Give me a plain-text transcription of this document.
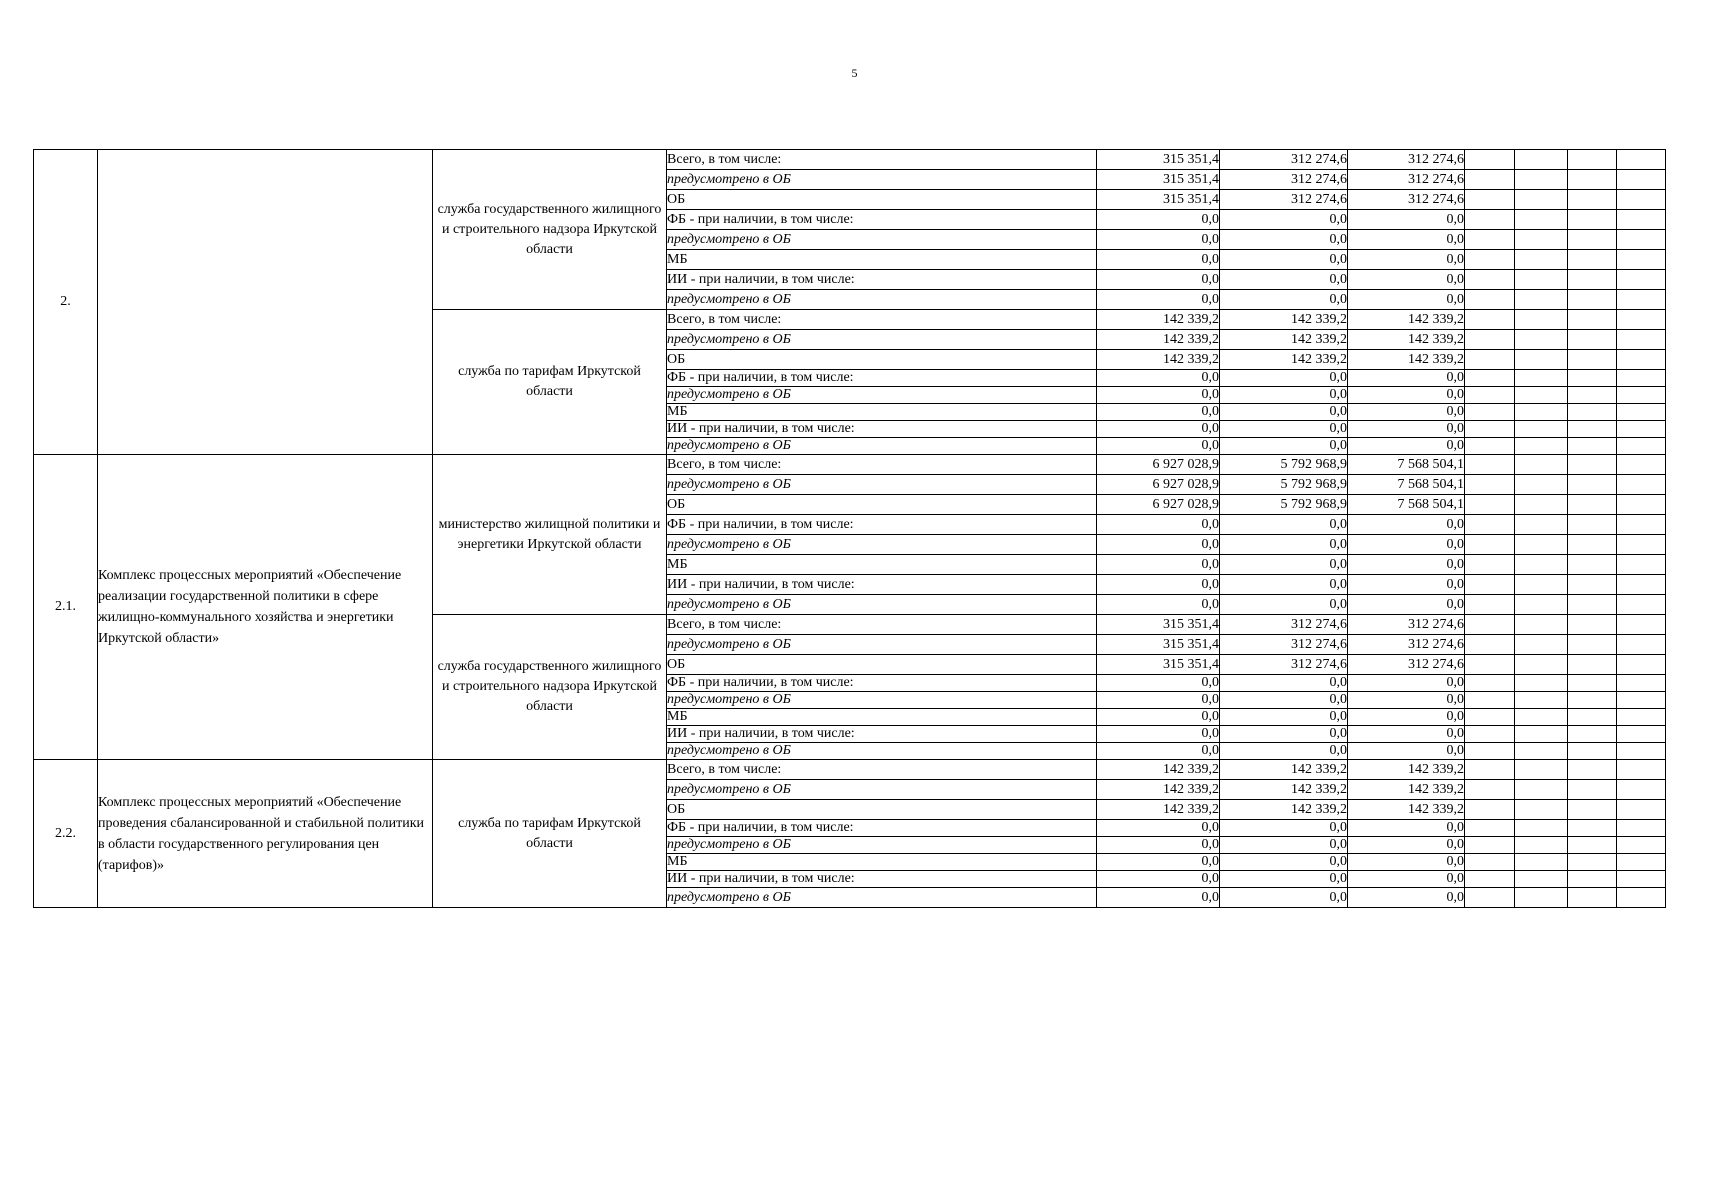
5
2.		служба государственного жилищного и строительного надзора Иркутской области	Всего, в том числе:	315 351,4	312 274,6	312 274,6				
			предусмотрено в ОБ	315 351,4	312 274,6	312 274,6				
			ОБ	315 351,4	312 274,6	312 274,6				
			ФБ - при наличии, в том числе:	0,0	0,0	0,0				
			предусмотрено в ОБ	0,0	0,0	0,0				
			МБ	0,0	0,0	0,0				
			ИИ - при наличии, в том числе:	0,0	0,0	0,0				
			предусмотрено в ОБ	0,0	0,0	0,0				
		служба по тарифам Иркутской области	Всего, в том числе:	142 339,2	142 339,2	142 339,2				
			предусмотрено в ОБ	142 339,2	142 339,2	142 339,2				
			ОБ	142 339,2	142 339,2	142 339,2				
			ФБ - при наличии, в том числе:	0,0	0,0	0,0				
			предусмотрено в ОБ	0,0	0,0	0,0				
			МБ	0,0	0,0	0,0				
			ИИ - при наличии, в том числе:	0,0	0,0	0,0				
			предусмотрено в ОБ	0,0	0,0	0,0				
2.1.	Комплекс процессных мероприятий «Обеспечение реализации государственной политики в сфере жилищно-коммунального хозяйства и энергетики Иркутской области»	министерство жилищной политики и энергетики Иркутской области	Всего, в том числе:	6 927 028,9	5 792 968,9	7 568 504,1				
			предусмотрено в ОБ	6 927 028,9	5 792 968,9	7 568 504,1				
			ОБ	6 927 028,9	5 792 968,9	7 568 504,1				
			ФБ - при наличии, в том числе:	0,0	0,0	0,0				
			предусмотрено в ОБ	0,0	0,0	0,0				
			МБ	0,0	0,0	0,0				
			ИИ - при наличии, в том числе:	0,0	0,0	0,0				
			предусмотрено в ОБ	0,0	0,0	0,0				
		служба государственного жилищного и строительного надзора Иркутской области	Всего, в том числе:	315 351,4	312 274,6	312 274,6				
			предусмотрено в ОБ	315 351,4	312 274,6	312 274,6				
			ОБ	315 351,4	312 274,6	312 274,6				
			ФБ - при наличии, в том числе:	0,0	0,0	0,0				
			предусмотрено в ОБ	0,0	0,0	0,0				
			МБ	0,0	0,0	0,0				
			ИИ - при наличии, в том числе:	0,0	0,0	0,0				
			предусмотрено в ОБ	0,0	0,0	0,0				
2.2.	Комплекс процессных мероприятий «Обеспечение проведения сбалансированной и стабильной политики в области государственного регулирования цен (тарифов)»	служба по тарифам Иркутской области	Всего, в том числе:	142 339,2	142 339,2	142 339,2				
			предусмотрено в ОБ	142 339,2	142 339,2	142 339,2				
			ОБ	142 339,2	142 339,2	142 339,2				
			ФБ - при наличии, в том числе:	0,0	0,0	0,0				
			предусмотрено в ОБ	0,0	0,0	0,0				
			МБ	0,0	0,0	0,0				
			ИИ - при наличии, в том числе:	0,0	0,0	0,0				
			предусмотрено в ОБ	0,0	0,0	0,0				
